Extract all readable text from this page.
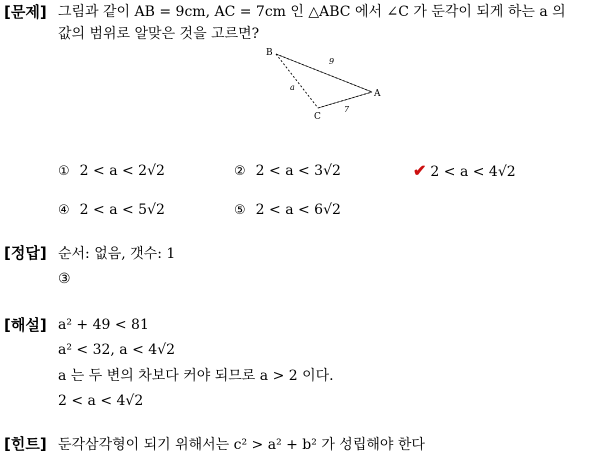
[문제] 그림과 같이 AB = 9cm, AC = 7cm 인 △ABC 에서 ∠C 가 둔각이 되게 하는 a 의
값의 범위로 알맞은 것을 고르면?
B
A
C
9
a
7
① 2 < a < 2√2	② 2 < a < 3√2	✔ 2 < a < 4√2
④ 2 < a < 5√2	⑤ 2 < a < 6√2
[정답] 순서: 없음, 갯수: 1
③
[해설] a² + 49 < 81
a² < 32, a < 4√2
a 는 두 변의 차보다 커야 되므로 a > 2 이다.
2 < a < 4√2
[힌트] 둔각삼각형이 되기 위해서는 c² > a² + b² 가 성립해야 한다
